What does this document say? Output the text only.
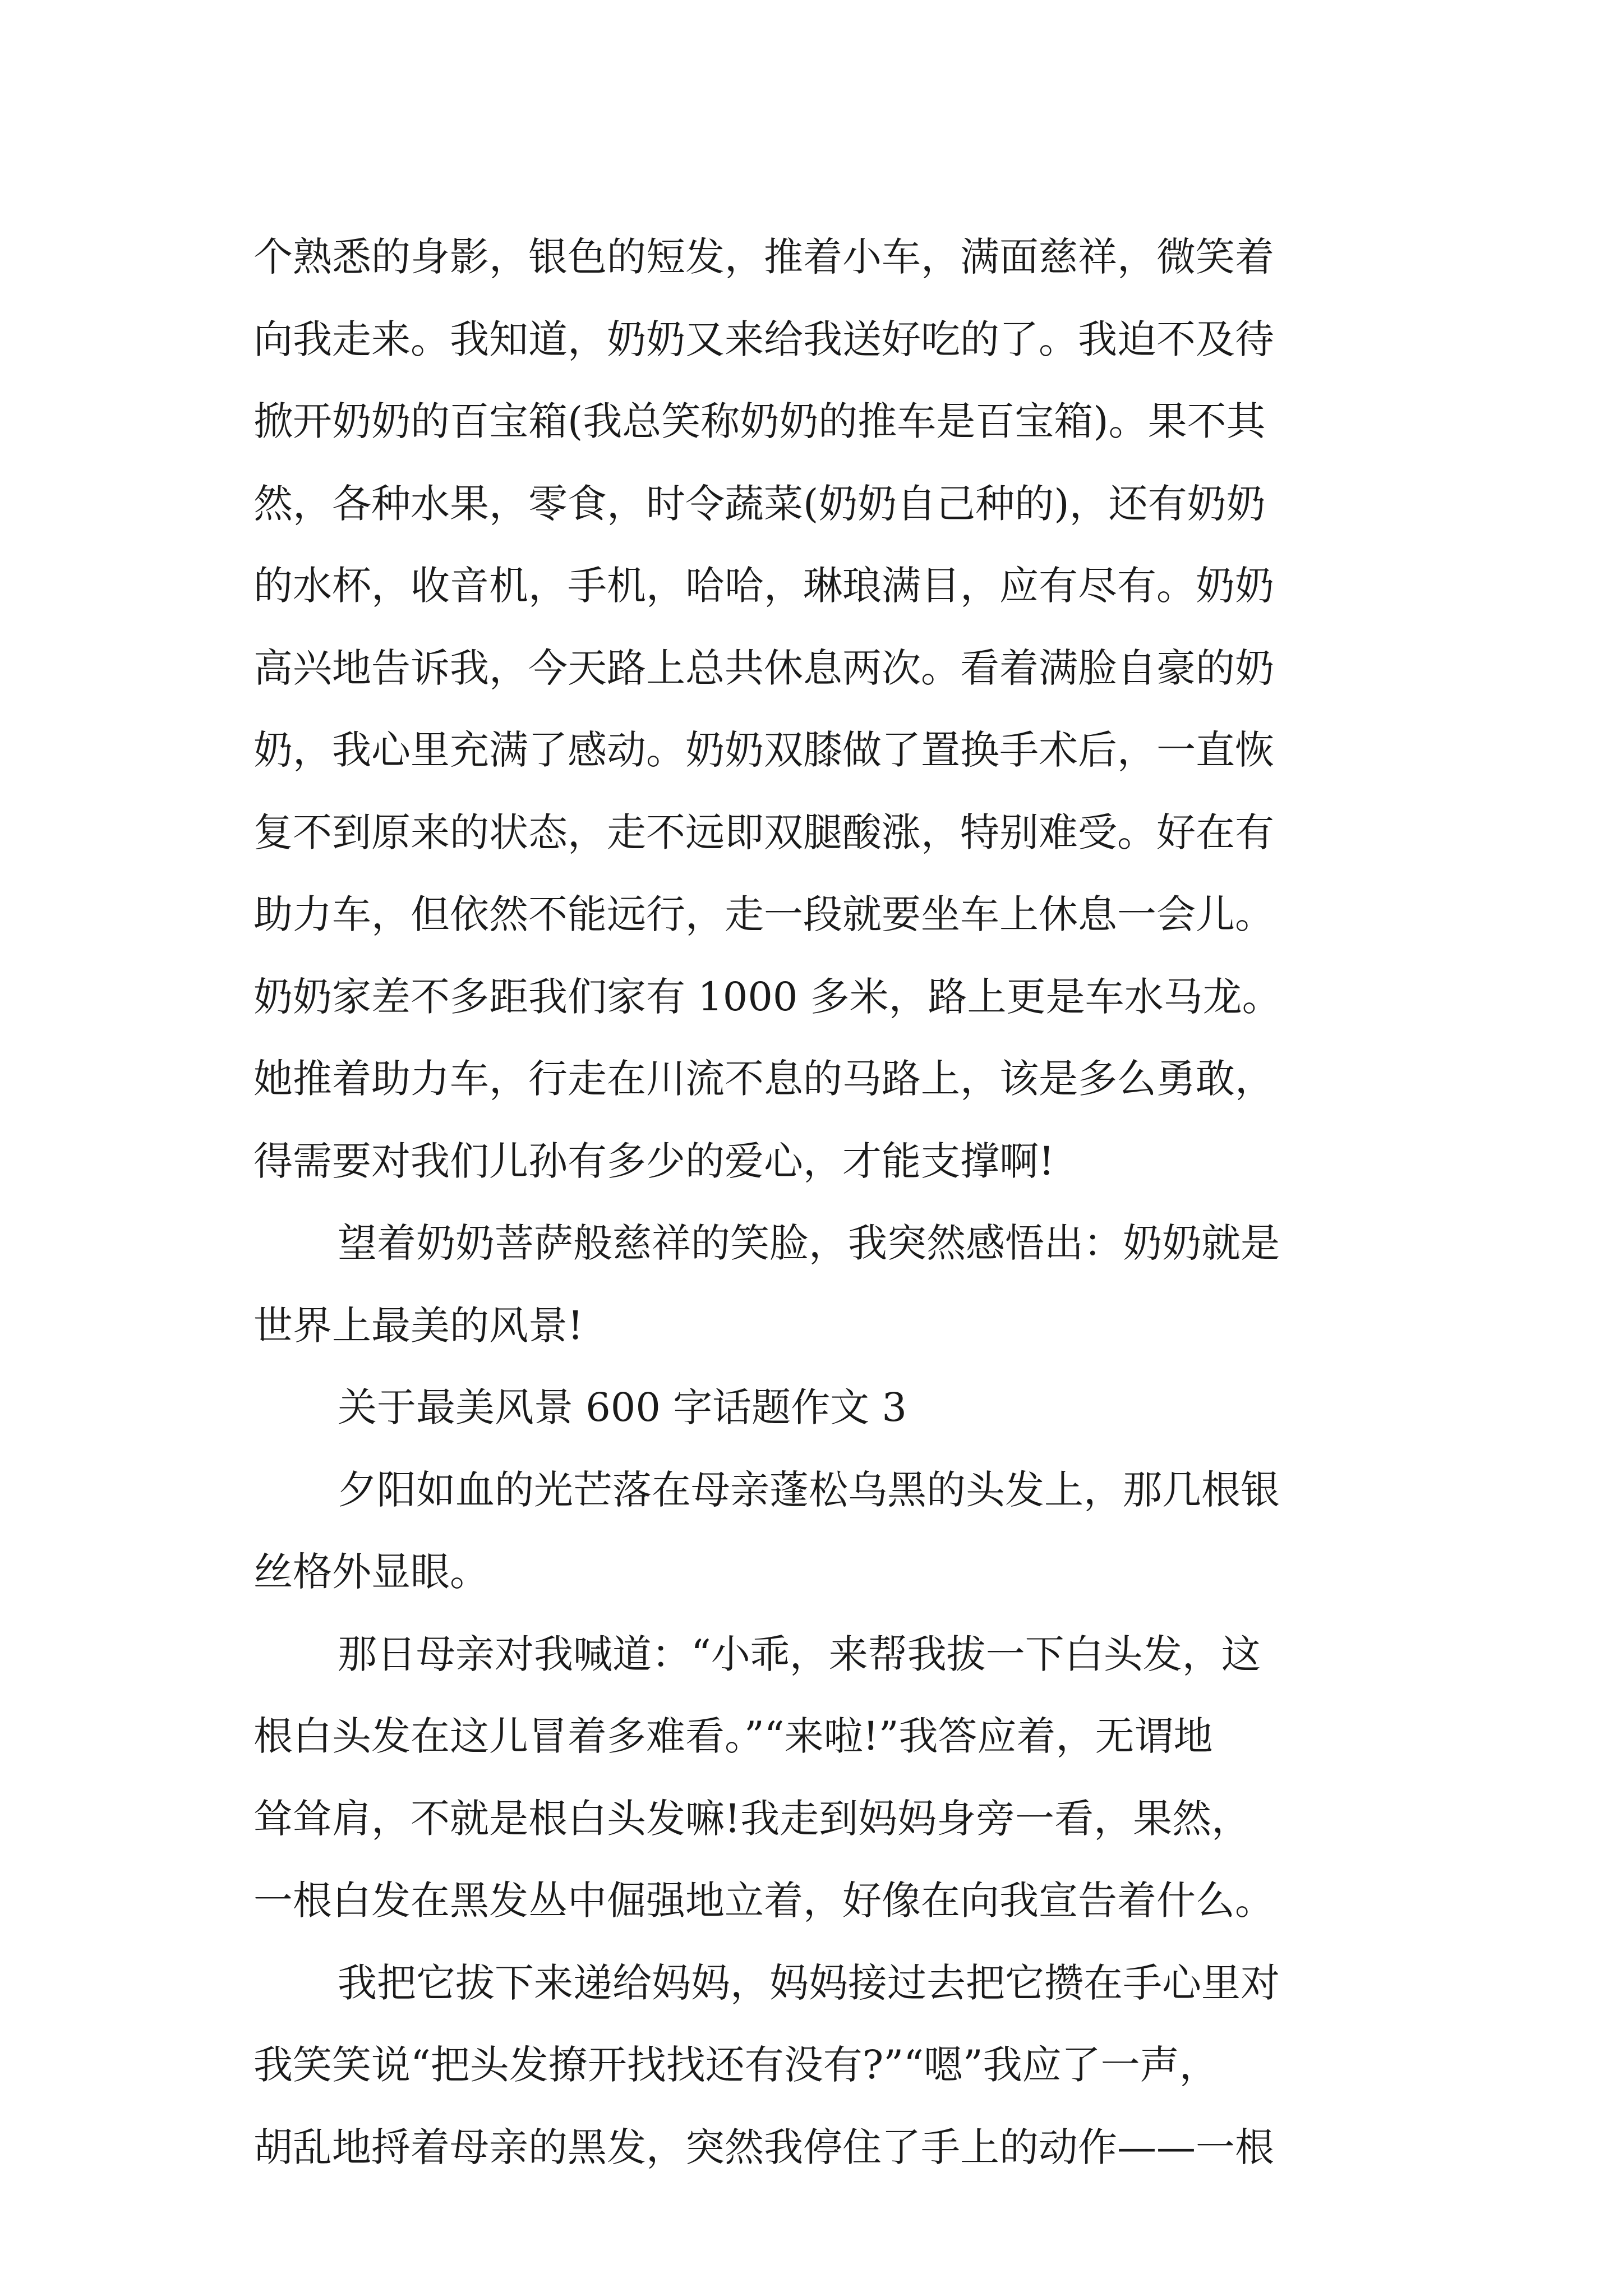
个熟悉的身影，银色的短发，推着小车，满面慈祥，微笑着
向我走来。我知道，奶奶又来给我送好吃的了。我迫不及待
掀开奶奶的百宝箱(我总笑称奶奶的推车是百宝箱)。果不其
然，各种水果，零食，时令蔬菜(奶奶自己种的)，还有奶奶
的水杯，收音机，手机，哈哈，琳琅满目，应有尽有。奶奶
高兴地告诉我，今天路上总共休息两次。看着满脸自豪的奶
奶，我心里充满了感动。奶奶双膝做了置换手术后，一直恢
复不到原来的状态，走不远即双腿酸涨，特别难受。好在有
助力车，但依然不能远行，走一段就要坐车上休息一会儿。
奶奶家差不多距我们家有 1000 多米，路上更是车水马龙。
她推着助力车，行走在川流不息的马路上，该是多么勇敢，
得需要对我们儿孙有多少的爱心，才能支撑啊!
望着奶奶菩萨般慈祥的笑脸，我突然感悟出：奶奶就是
世界上最美的风景!
关于最美风景 600 字话题作文 3
夕阳如血的光芒落在母亲蓬松乌黑的头发上，那几根银
丝格外显眼。
那日母亲对我喊道：“小乖，来帮我拔一下白头发，这
根白头发在这儿冒着多难看。”“来啦!”我答应着，无谓地
耸耸肩，不就是根白头发嘛!我走到妈妈身旁一看，果然，
一根白发在黑发丛中倔强地立着，好像在向我宣告着什么。
我把它拔下来递给妈妈，妈妈接过去把它攒在手心里对
我笑笑说“把头发撩开找找还有没有?”“嗯”我应了一声，
胡乱地捋着母亲的黑发，突然我停住了手上的动作——一根
